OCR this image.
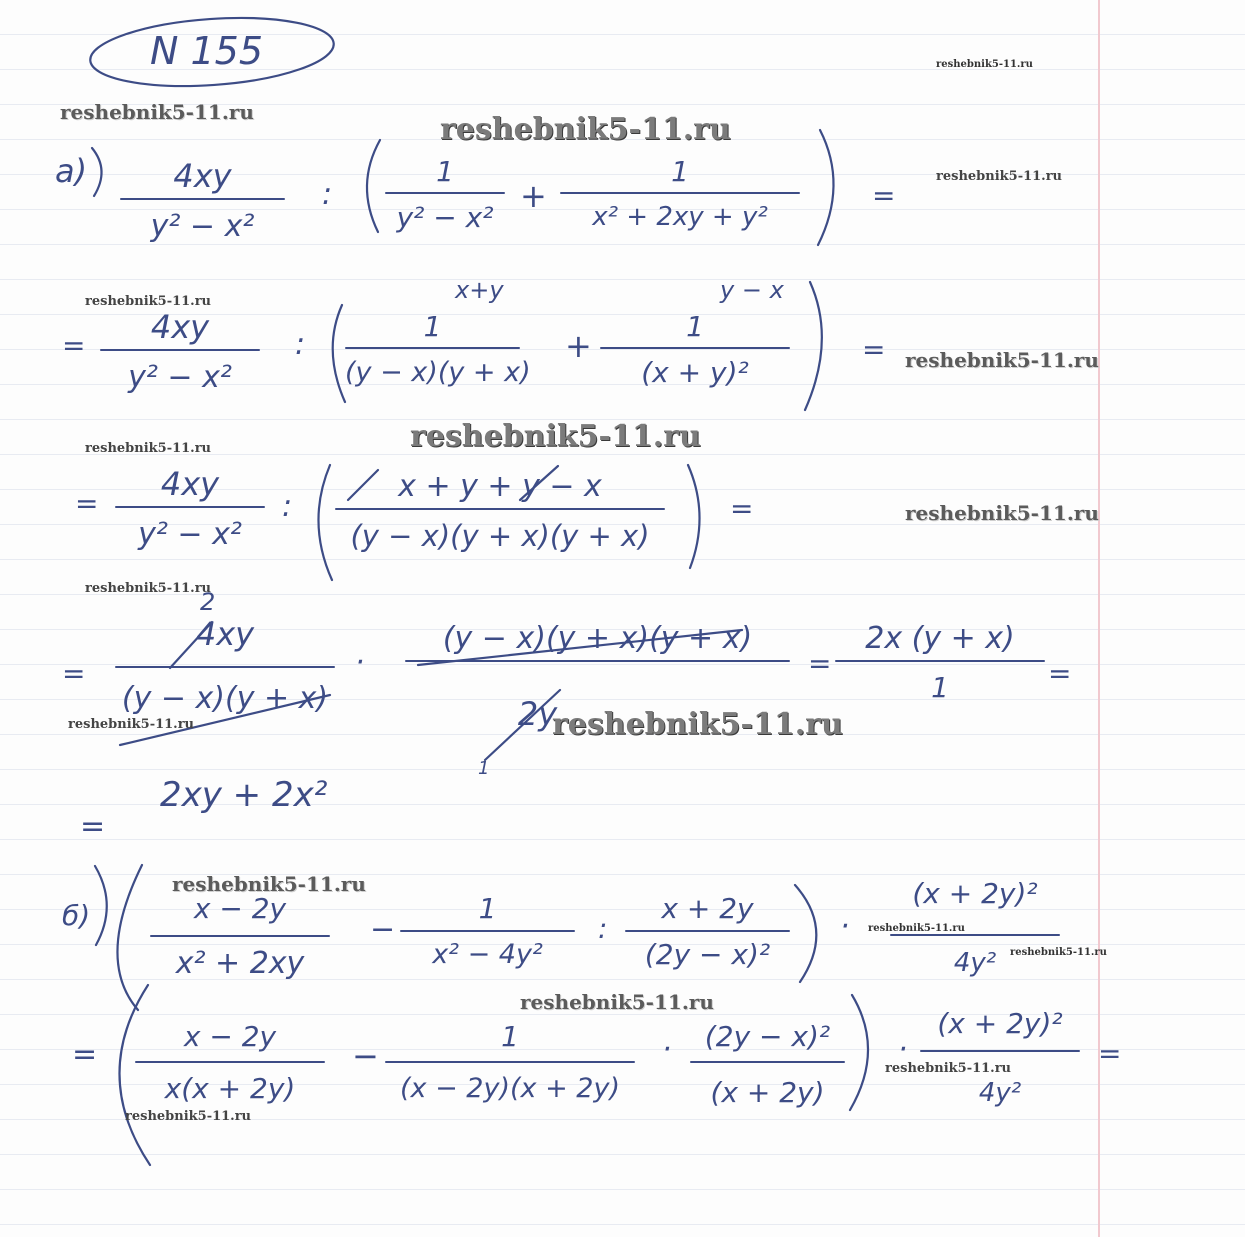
N 155
а)	4xy
y² − x²
:
1
y² − x²
+
1
x² + 2xy + y²
=
=	4xy
y² − x²
:
x+y
1
(y − x)(y + x)
+
y − x
1
(x + y)²
=
=
4xy
y² − x²
:
x + y + y − x
(y − x)(y + x)(y + x)
=
=
2
4xy
(y − x)(y + x)
·
(y − x)(y + x)(y + x)
2y
1
=
2x (y + x)
1	=
=
2xy + 2x²
б)	x − 2y
x² + 2xy
−
1
x² − 4y²
:
x + 2y
(2y − x)²
·
(x + 2y)²
4y²
=
x − 2y
x(x + 2y)
−
1
(x − 2y)(x + 2y)
·	(2y − x)²
(x + 2y)
·
(x + 2y)²
4y²
=
reshebnik5-11.ru
reshebnik5-11.ru	reshebnik5-11.ru
reshebnik5-11.ru
reshebnik5-11.ru
reshebnik5-11.ru
reshebnik5-11.ru
reshebnik5-11.ru
reshebnik5-11.ru
reshebnik5-11.ru
reshebnik5-11.ru	reshebnik5-11.ru
reshebnik5-11.ru
reshebnik5-11.ru
reshebnik5-11.ru
reshebnik5-11.ru
reshebnik5-11.ru
reshebnik5-11.ru
